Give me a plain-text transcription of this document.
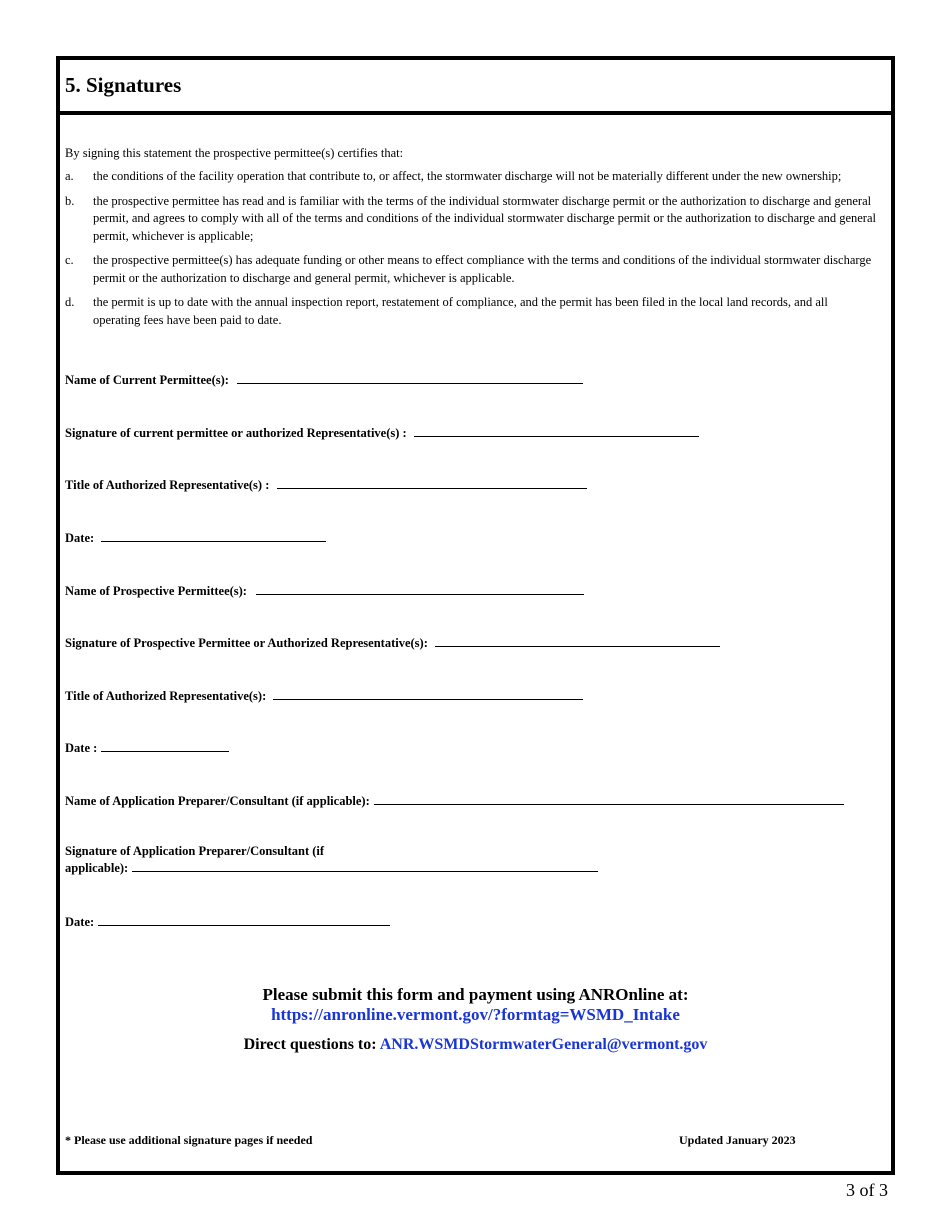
5. Signatures
By signing this statement the prospective permittee(s) certifies that:
a.	the conditions of the facility operation that contribute to, or affect, the stormwater discharge will not be materially different under the new ownership;
b.	the prospective permittee has read and is familiar with the terms of the individual stormwater discharge permit or the authorization to discharge and general permit, and agrees to comply with all of the terms and conditions of the individual stormwater discharge permit or the authorization to discharge and general permit, whichever is applicable;
c.	the prospective permittee(s) has adequate funding or other means to effect compliance with the terms and conditions of the individual stormwater discharge permit or the authorization to discharge and general permit, whichever is applicable.
d.	the permit is up to date with the annual inspection report, restatement of compliance, and the permit has been filed in the local land records, and all operating fees have been paid to date.
Name of Current Permittee(s):
Signature of current permittee or authorized Representative(s) :
Title of Authorized Representative(s) :
Date:
Name of Prospective Permittee(s):
Signature of Prospective Permittee or Authorized Representative(s):
Title of Authorized Representative(s):
Date :
Name of Application Preparer/Consultant (if applicable):
Signature of Application Preparer/Consultant (if
applicable):
Date:
Please submit this form and payment using ANROnline at:
https://anronline.vermont.gov/?formtag=WSMD_Intake
Direct questions to: ANR.WSMDStormwaterGeneral@vermont.gov
* Please use additional signature pages if needed	Updated January 2023
3 of 3
